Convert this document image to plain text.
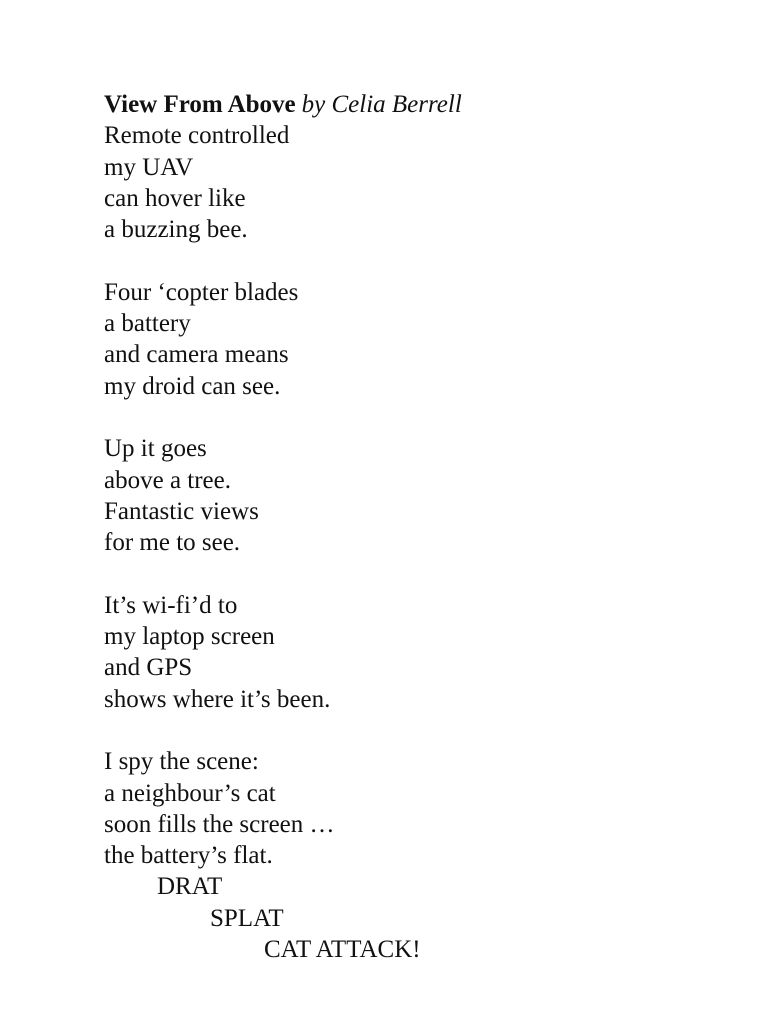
View From Above by Celia Berrell

Remote controlled
my UAV
can hover like
a buzzing bee.
Four ‘copter blades
a battery
and camera means
my droid can see.
Up it goes
above a tree.
Fantastic views
for me to see.
It’s wi-fi’d to
my laptop screen
and GPS
shows where it’s been.
I spy the scene:
a neighbour’s cat
soon fills the screen …
the battery’s flat.
DRAT
SPLAT
CAT ATTACK!
